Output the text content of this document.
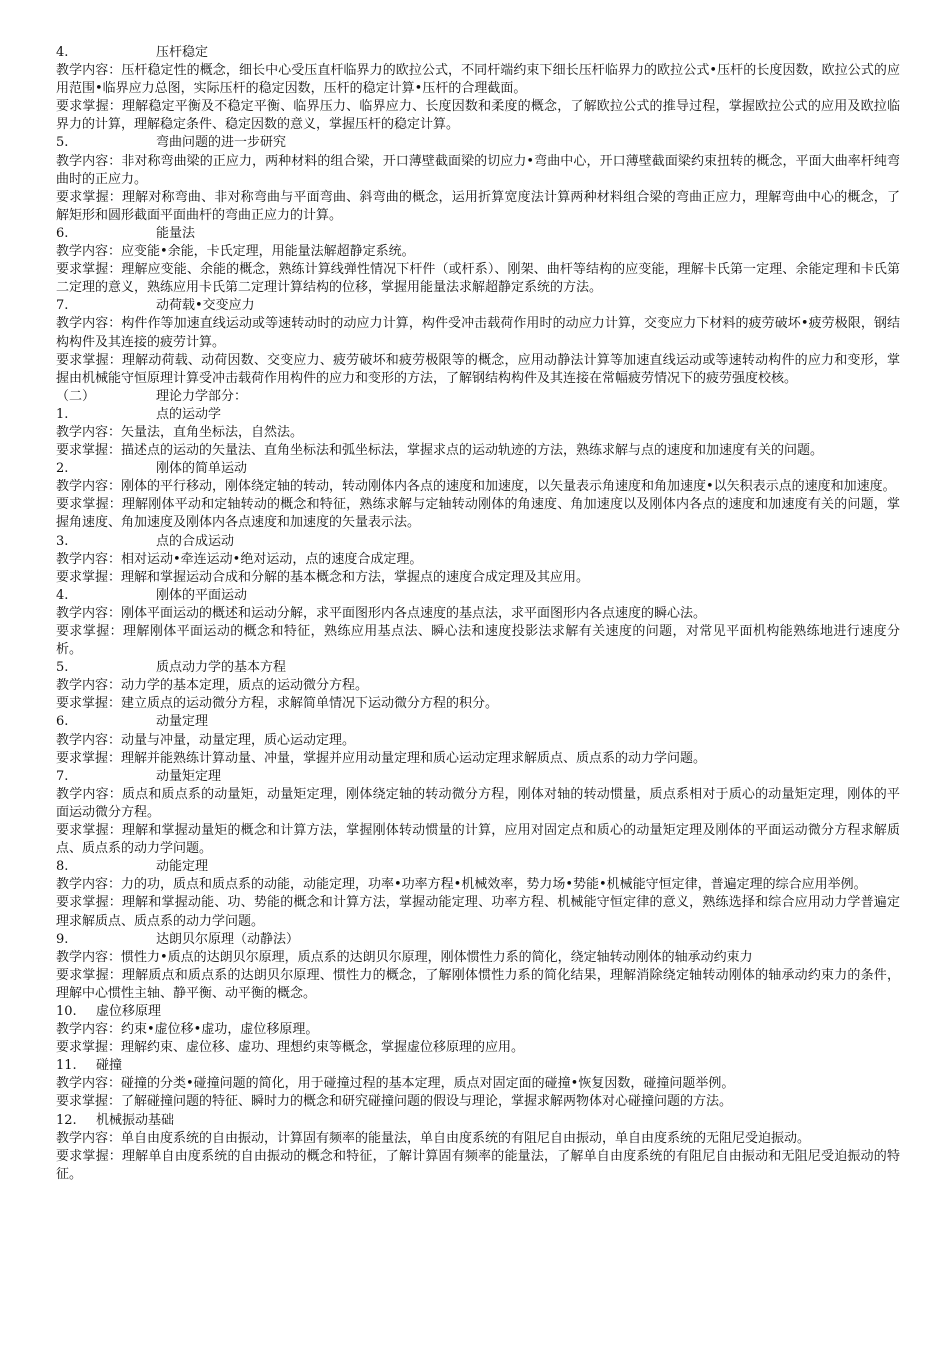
4.	压杆稳定

教学内容：压杆稳定性的概念，细长中心受压直杆临界力的欧拉公式，不同杆端约束下细长压杆临界力的欧拉公式•压杆的长度因数，欧拉公式的应用范围•临界应力总图，实际压杆的稳定因数，压杆的稳定计算•压杆的合理截面。

要求掌握：理解稳定平衡及不稳定平衡、临界压力、临界应力、长度因数和柔度的概念，了解欧拉公式的推导过程，掌握欧拉公式的应用及欧拉临界力的计算，理解稳定条件、稳定因数的意义，掌握压杆的稳定计算。

5.	弯曲问题的进一步研究

教学内容：非对称弯曲梁的正应力，两种材料的组合梁，开口薄壁截面梁的切应力•弯曲中心，开口薄壁截面梁约束扭转的概念，平面大曲率杆纯弯曲时的正应力。

要求掌握：理解对称弯曲、非对称弯曲与平面弯曲、斜弯曲的概念，运用折算宽度法计算两种材料组合梁的弯曲正应力，理解弯曲中心的概念，了解矩形和圆形截面平面曲杆的弯曲正应力的计算。

6.	能量法

教学内容：应变能•余能，卡氏定理，用能量法解超静定系统。

要求掌握：理解应变能、余能的概念，熟练计算线弹性情况下杆件（或杆系）、刚架、曲杆等结构的应变能，理解卡氏第一定理、余能定理和卡氏第二定理的意义，熟练应用卡氏第二定理计算结构的位移，掌握用能量法求解超静定系统的方法。

7.	动荷载•交变应力

教学内容：构件作等加速直线运动或等速转动时的动应力计算，构件受冲击载荷作用时的动应力计算，交变应力下材料的疲劳破坏•疲劳极限，钢结构构件及其连接的疲劳计算。

要求掌握：理解动荷载、动荷因数、交变应力、疲劳破坏和疲劳极限等的概念，应用动静法计算等加速直线运动或等速转动构件的应力和变形，掌握由机械能守恒原理计算受冲击载荷作用构件的应力和变形的方法，了解钢结构构件及其连接在常幅疲劳情况下的疲劳强度校核。

（二）	理论力学部分：
1.	点的运动学

教学内容：矢量法，直角坐标法，自然法。

要求掌握：描述点的运动的矢量法、直角坐标法和弧坐标法，掌握求点的运动轨迹的方法，熟练求解与点的速度和加速度有关的问题。

2.	刚体的简单运动

教学内容：刚体的平行移动，刚体绕定轴的转动，转动刚体内各点的速度和加速度，以矢量表示角速度和角加速度•以矢积表示点的速度和加速度。

要求掌握：理解刚体平动和定轴转动的概念和特征，熟练求解与定轴转动刚体的角速度、角加速度以及刚体内各点的速度和加速度有关的问题，掌握角速度、角加速度及刚体内各点速度和加速度的矢量表示法。

3.	点的合成运动

教学内容：相对运动•牵连运动•绝对运动，点的速度合成定理。

要求掌握：理解和掌握运动合成和分解的基本概念和方法，掌握点的速度合成定理及其应用。

4.	刚体的平面运动

教学内容：刚体平面运动的概述和运动分解，求平面图形内各点速度的基点法，求平面图形内各点速度的瞬心法。

要求掌握：理解刚体平面运动的概念和特征，熟练应用基点法、瞬心法和速度投影法求解有关速度的问题，对常见平面机构能熟练地进行速度分析。

5.	质点动力学的基本方程

教学内容：动力学的基本定理，质点的运动微分方程。

要求掌握：建立质点的运动微分方程，求解简单情况下运动微分方程的积分。

6.	动量定理

教学内容：动量与冲量，动量定理，质心运动定理。

要求掌握：理解并能熟练计算动量、冲量，掌握并应用动量定理和质心运动定理求解质点、质点系的动力学问题。

7.	动量矩定理

教学内容：质点和质点系的动量矩，动量矩定理，刚体绕定轴的转动微分方程，刚体对轴的转动惯量，质点系相对于质心的动量矩定理，刚体的平面运动微分方程。

要求掌握：理解和掌握动量矩的概念和计算方法，掌握刚体转动惯量的计算，应用对固定点和质心的动量矩定理及刚体的平面运动微分方程求解质点、质点系的动力学问题。

8.	动能定理

教学内容：力的功，质点和质点系的动能，动能定理，功率•功率方程•机械效率，势力场•势能•机械能守恒定律，普遍定理的综合应用举例。

要求掌握：理解和掌握动能、功、势能的概念和计算方法，掌握动能定理、功率方程、机械能守恒定律的意义，熟练选择和综合应用动力学普遍定理求解质点、质点系的动力学问题。

9.	达朗贝尔原理（动静法）

教学内容：惯性力•质点的达朗贝尔原理，质点系的达朗贝尔原理，刚体惯性力系的简化，绕定轴转动刚体的轴承动约束力

要求掌握：理解质点和质点系的达朗贝尔原理、惯性力的概念，了解刚体惯性力系的简化结果，理解消除绕定轴转动刚体的轴承动约束力的条件，理解中心惯性主轴、静平衡、动平衡的概念。

10. 虚位移原理

教学内容：约束•虚位移•虚功，虚位移原理。

要求掌握：理解约束、虚位移、虚功、理想约束等概念，掌握虚位移原理的应用。

11. 碰撞

教学内容：碰撞的分类•碰撞问题的简化，用于碰撞过程的基本定理，质点对固定面的碰撞•恢复因数，碰撞问题举例。

要求掌握：了解碰撞问题的特征、瞬时力的概念和研究碰撞问题的假设与理论，掌握求解两物体对心碰撞问题的方法。

12. 机械振动基础

教学内容：单自由度系统的自由振动，计算固有频率的能量法，单自由度系统的有阻尼自由振动，单自由度系统的无阻尼受迫振动。

要求掌握：理解单自由度系统的自由振动的概念和特征，了解计算固有频率的能量法，了解单自由度系统的有阻尼自由振动和无阻尼受迫振动的特征。
